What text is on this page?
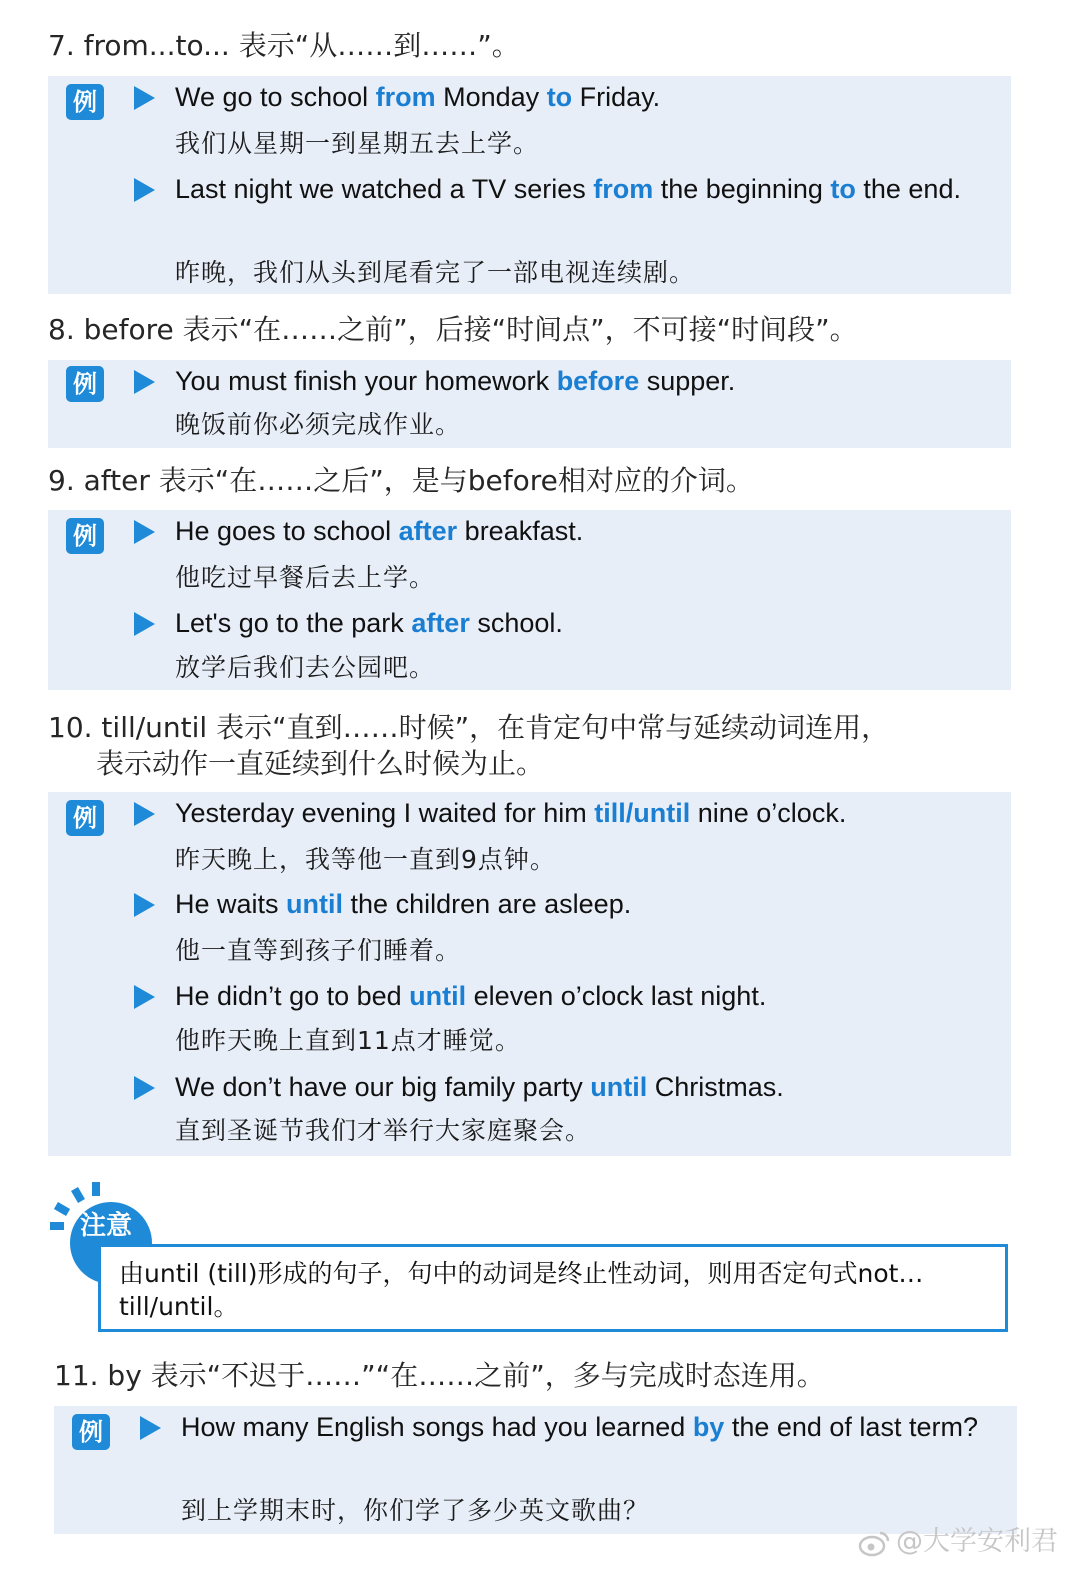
7. from...to... 表示“从……到……”。
例	We go to school from Monday to Friday.
我们从星期一到星期五去上学。
Last night we watched a TV series from the beginning to the end.
昨晚，我们从头到尾看完了一部电视连续剧。
8. before 表示“在……之前”，后接“时间点”，不可接“时间段”。
例	You must finish your homework before supper.
晚饭前你必须完成作业。
9. after 表示“在……之后”，是与before相对应的介词。
例	He goes to school after breakfast.
他吃过早餐后去上学。
Let's go to the park after school.
放学后我们去公园吧。
10. till/until 表示“直到……时候”，在肯定句中常与延续动词连用，
表示动作一直延续到什么时候为止。
例	Yesterday evening I waited for him till/until nine o’clock.
昨天晚上，我等他一直到9点钟。
He waits until the children are asleep.
他一直等到孩子们睡着。
He didn’t go to bed until eleven o’clock last night.
他昨天晚上直到11点才睡觉。
We don’t have our big family party until Christmas.
直到圣诞节我们才举行大家庭聚会。
由until (till)形成的句子，句中的动词是终止性动词，则用否定句式not… till/until。
注意
11. by 表示“不迟于……”“在……之前”，多与完成时态连用。
例	How many English songs had you learned by the end of last term?
到上学期末时，你们学了多少英文歌曲？
@大学安利君
